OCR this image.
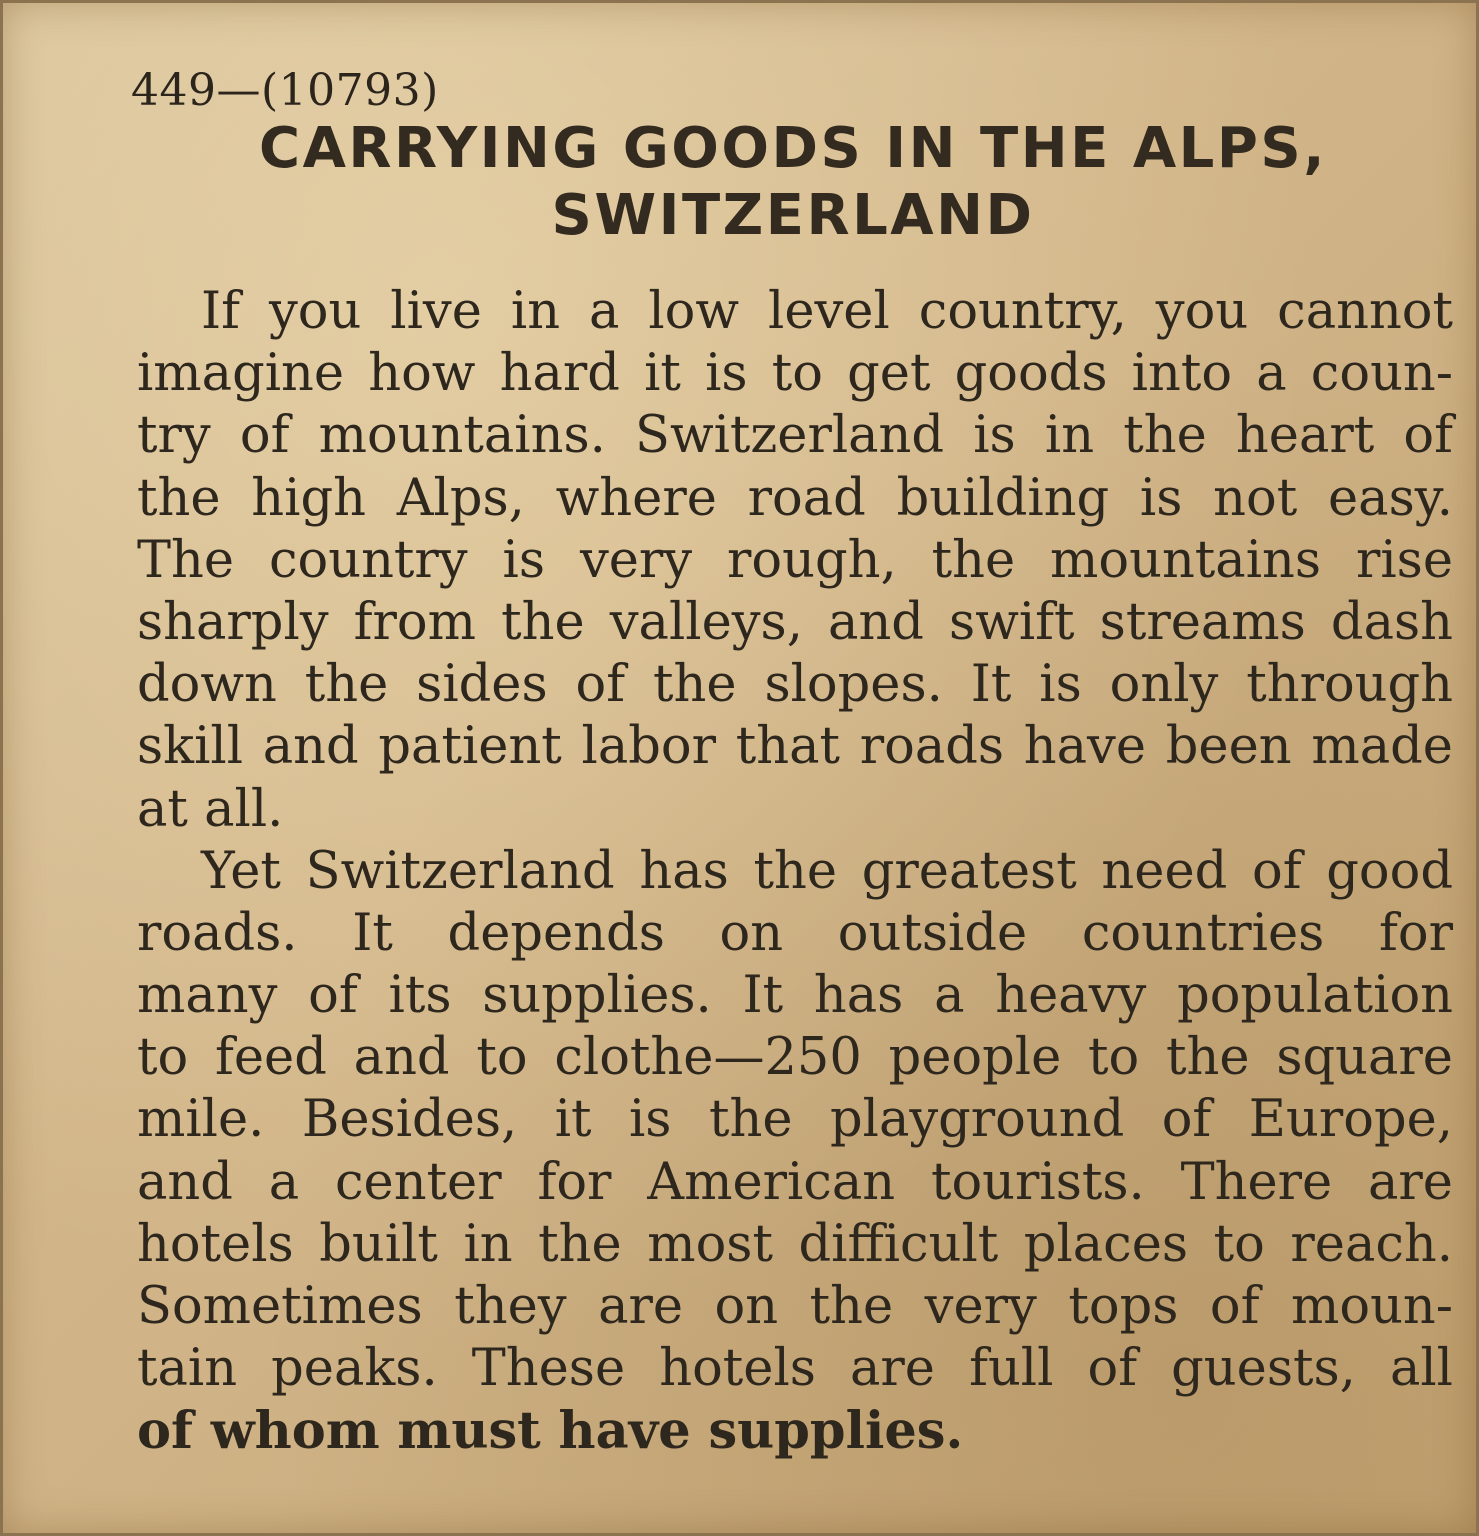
449—(10793)
CARRYING GOODS IN THE ALPS,
SWITZERLAND
If you live in a low level country, you cannot
imagine how hard it is to get goods into a coun-
try of mountains. Switzerland is in the heart of
the high Alps, where road building is not easy.
The country is very rough, the mountains rise
sharply from the valleys, and swift streams dash
down the sides of the slopes. It is only through
skill and patient labor that roads have been made
at all.
Yet Switzerland has the greatest need of good
roads. It depends on outside countries for
many of its supplies. It has a heavy population
to feed and to clothe—250 people to the square
mile. Besides, it is the playground of Europe,
and a center for American tourists. There are
hotels built in the most difficult places to reach.
Sometimes they are on the very tops of moun-
tain peaks. These hotels are full of guests, all
of whom must have supplies.
